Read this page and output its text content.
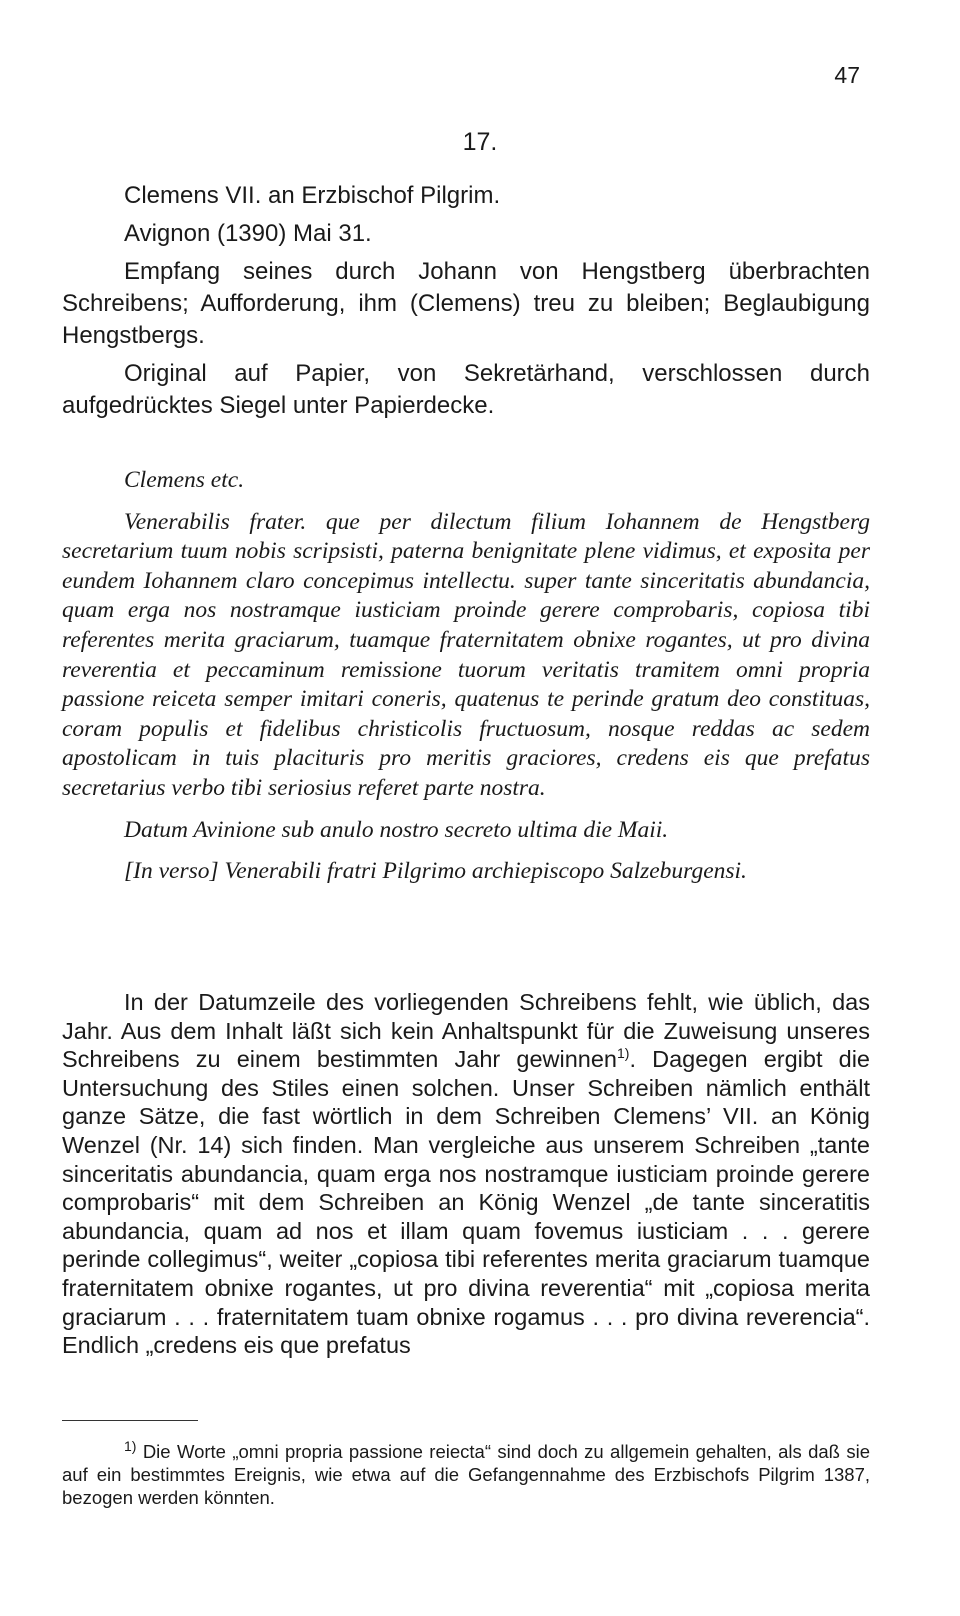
47
17.

Clemens VII. an Erzbischof Pilgrim.

Avignon (1390) Mai 31.

Empfang seines durch Johann von Hengstberg überbrachten Schreibens; Aufforderung, ihm (Clemens) treu zu bleiben; Beglaubigung Hengstbergs.

Original auf Papier, von Sekretärhand, verschlossen durch aufgedrücktes Siegel unter Papierdecke.

Clemens etc.

Venerabilis frater. que per dilectum filium Iohannem de Hengstberg secretarium tuum nobis scripsisti, paterna benignitate plene vidimus, et exposita per eundem Iohannem claro concepimus intellectu. super tante sinceritatis abundancia, quam erga nos nostramque iusticiam proinde gerere comprobaris, copiosa tibi referentes merita graciarum, tuamque fraternitatem obnixe rogantes, ut pro divina reverentia et peccaminum remissione tuorum veritatis tramitem omni propria passione reiceta semper imitari coneris, quatenus te perinde gratum deo constituas, coram populis et fidelibus christicolis fructuosum, nosque reddas ac sedem apostolicam in tuis placituris pro meritis graciores, credens eis que prefatus secretarius verbo tibi seriosius referet parte nostra.

Datum Avinione sub anulo nostro secreto ultima die Maii.

[In verso] Venerabili fratri Pilgrimo archiepiscopo Salzeburgensi.

In der Datumzeile des vorliegenden Schreibens fehlt, wie üblich, das Jahr. Aus dem Inhalt läßt sich kein Anhaltspunkt für die Zuweisung unseres Schreibens zu einem bestimmten Jahr gewinnen$^{1)}$. Dagegen ergibt die Untersuchung des Stiles einen solchen. Unser Schreiben nämlich enthält ganze Sätze, die fast wörtlich in dem Schreiben Clemens’ VII. an König Wenzel (Nr. 14) sich finden. Man vergleiche aus unserem Schreiben „tante sinceritatis abundancia, quam erga nos nostramque iusticiam proinde gerere comprobaris“ mit dem Schreiben an König Wenzel „de tante sinceratitis abundancia, quam ad nos et illam quam fovemus iusticiam . . . gerere perinde collegimus“, weiter „copiosa tibi referentes merita graciarum tuamque fraternitatem obnixe rogantes, ut pro divina reverentia“ mit „copiosa merita graciarum . . . fraternitatem tuam obnixe rogamus . . . pro divina reverencia“. Endlich „credens eis que prefatus

$^{1)}$ Die Worte „omni propria passione reiecta“ sind doch zu allgemein gehalten, als daß sie auf ein bestimmtes Ereignis, wie etwa auf die Gefangennahme des Erzbischofs Pilgrim 1387, bezogen werden könnten.
